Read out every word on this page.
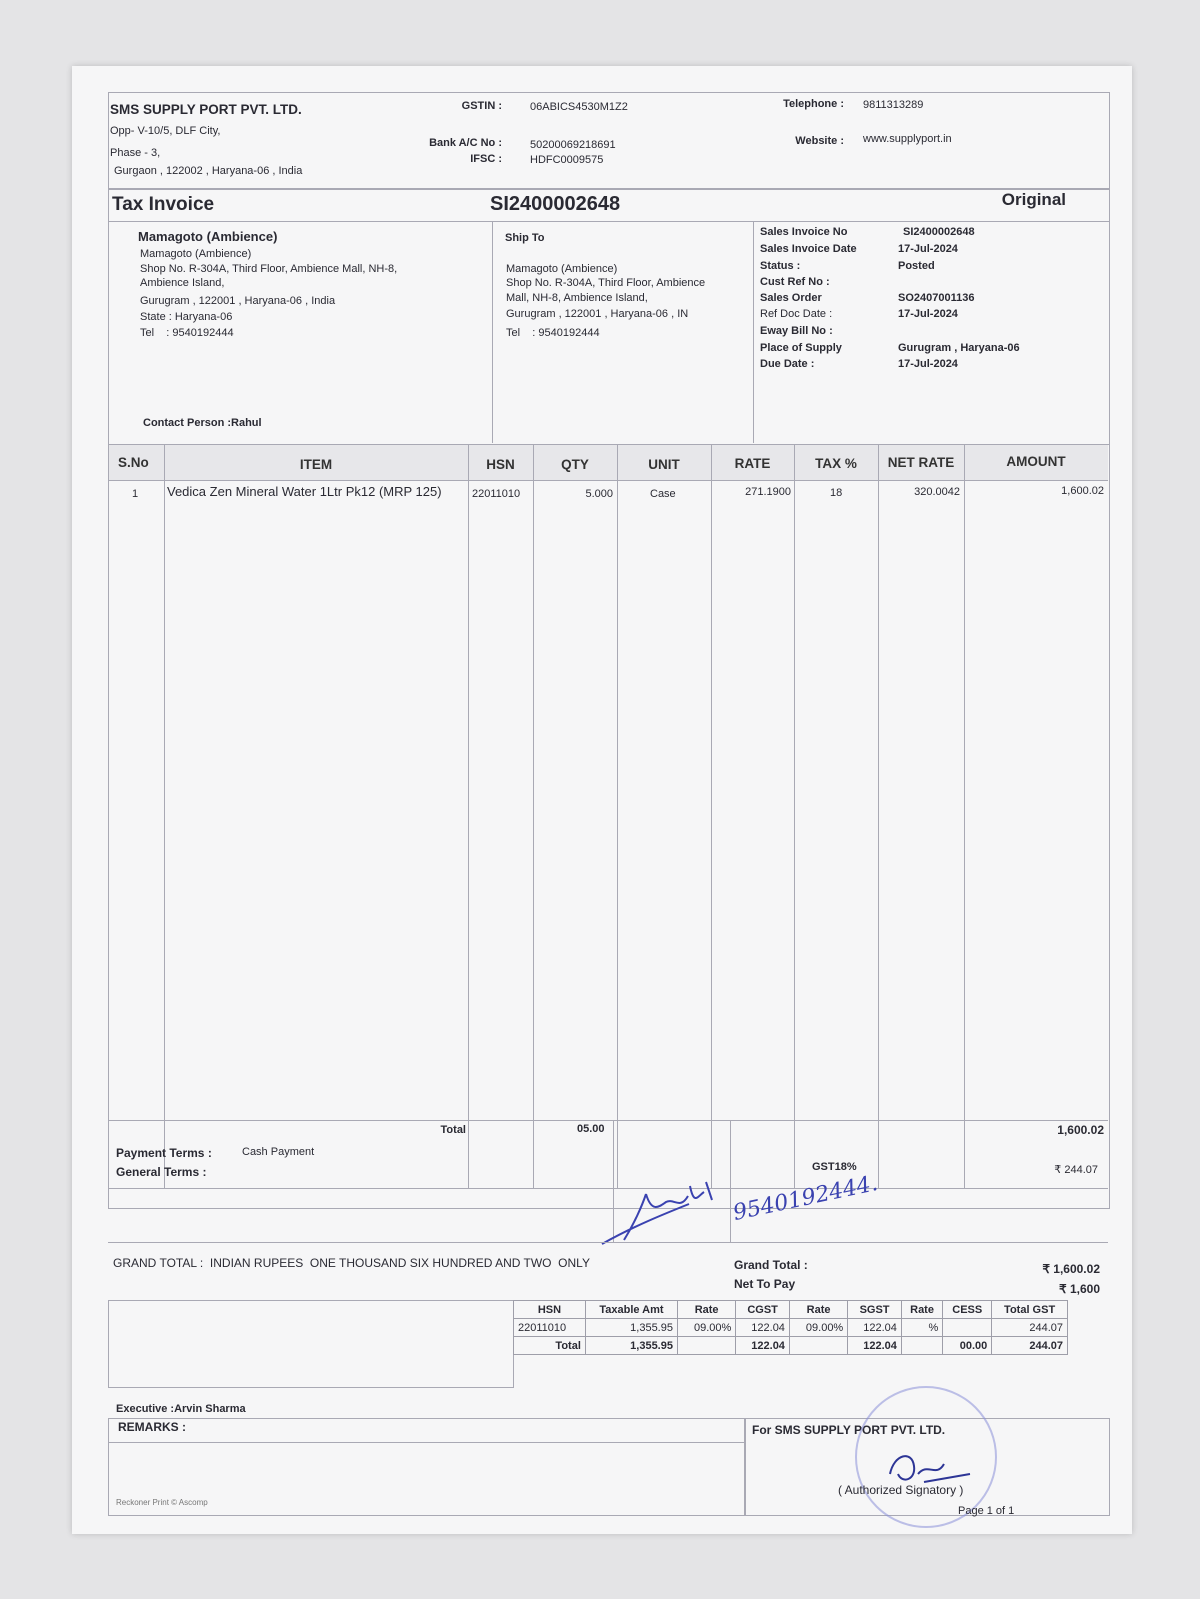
SMS SUPPLY PORT PVT. LTD.
Opp- V-10/5, DLF City,
Phase - 3,
Gurgaon , 122002 , Haryana-06 , India
GSTIN :	06ABICS4530M1Z2
Bank A/C No :	50200069218691
IFSC :	HDFC0009575
Telephone : 9811313289
Website : www.supplyport.in
Tax Invoice	SI2400002648	Original
Mamagoto (Ambience)
Mamagoto (Ambience)
Shop No. R-304A, Third Floor, Ambience Mall, NH-8,
Ambience Island,
Gurugram , 122001 , Haryana-06 , India
State : Haryana-06
Tel    : 9540192444
Contact Person :Rahul
Ship To
Mamagoto (Ambience)
Shop No. R-304A, Third Floor, Ambience
Mall, NH-8, Ambience Island,
Gurugram , 122001 , Haryana-06 , IN
Tel    : 9540192444
Sales Invoice No	SI2400002648
Sales Invoice Date	17-Jul-2024
Status :	Posted
Cust Ref No :
Sales Order	SO2407001136
Ref Doc Date :	17-Jul-2024
Eway Bill No :
Place of Supply	Gurugram , Haryana-06
Due Date :	17-Jul-2024
S.No	ITEM	HSN	QTY	UNIT	RATE	TAX %	NET RATE	AMOUNT
1 Vedica Zen Mineral Water 1Ltr Pk12 (MRP 125)	22011010	5.000	Case	271.1900	18	320.0042	1,600.02
Total	05.00	1,600.02
Payment Terms :	Cash Payment
General Terms :	GST18%	₹ 244.07
9540192444.
GRAND TOTAL :  INDIAN RUPEES  ONE THOUSAND SIX HUNDRED AND TWO  ONLY	Grand Total :	₹ 1,600.02
Net To Pay	₹ 1,600
HSN	Taxable Amt	Rate	CGST	Rate	SGST	Rate	CESS	Total GST
22011010	1,355.95	09.00%	122.04	09.00%	122.04	%		244.07
Total	1,355.95		122.04		122.04		00.00	244.07
Executive :Arvin Sharma
REMARKS :	For SMS SUPPLY PORT PVT. LTD.
( Authorized Signatory )
Page 1 of 1
Reckoner Print © Ascomp
